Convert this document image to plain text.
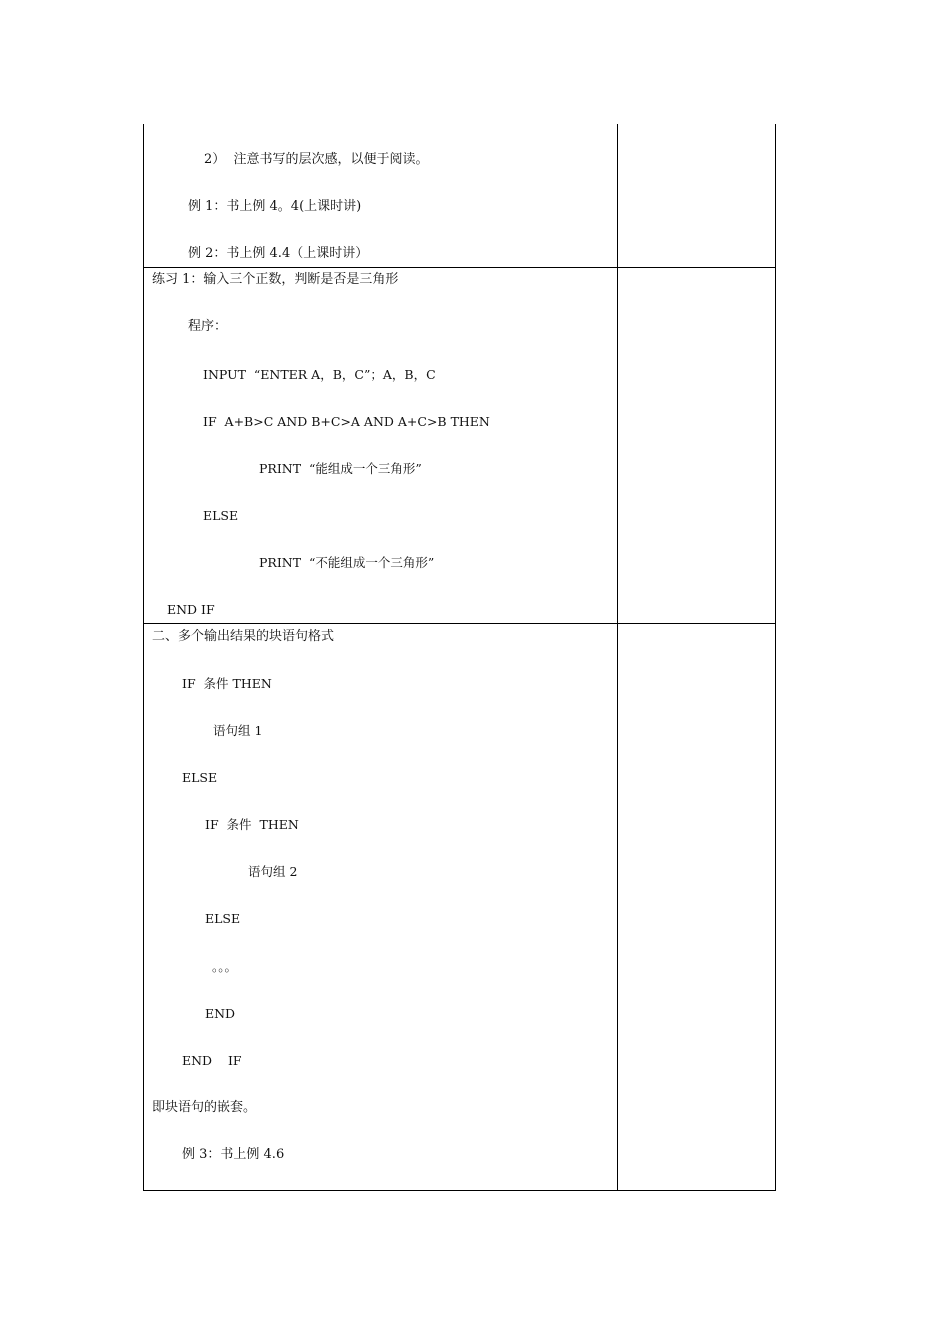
2）  注意书写的层次感，以便于阅读。
例 1：书上例 4。4(上课时讲)
例 2：书上例 4.4（上课时讲）
练习 1：输入三个正数，判断是否是三角形
程序：
INPUT  “ENTER A，B，C”；A，B，C
IF  A+B>C AND B+C>A AND A+C>B THEN
PRINT  “能组成一个三角形”
ELSE
PRINT  “不能组成一个三角形”
END IF
二、多个输出结果的块语句格式
IF  条件 THEN
语句组 1
ELSE
IF  条件  THEN
语句组 2
ELSE
。。。
END
END    IF
即块语句的嵌套。
例 3：书上例 4.6
